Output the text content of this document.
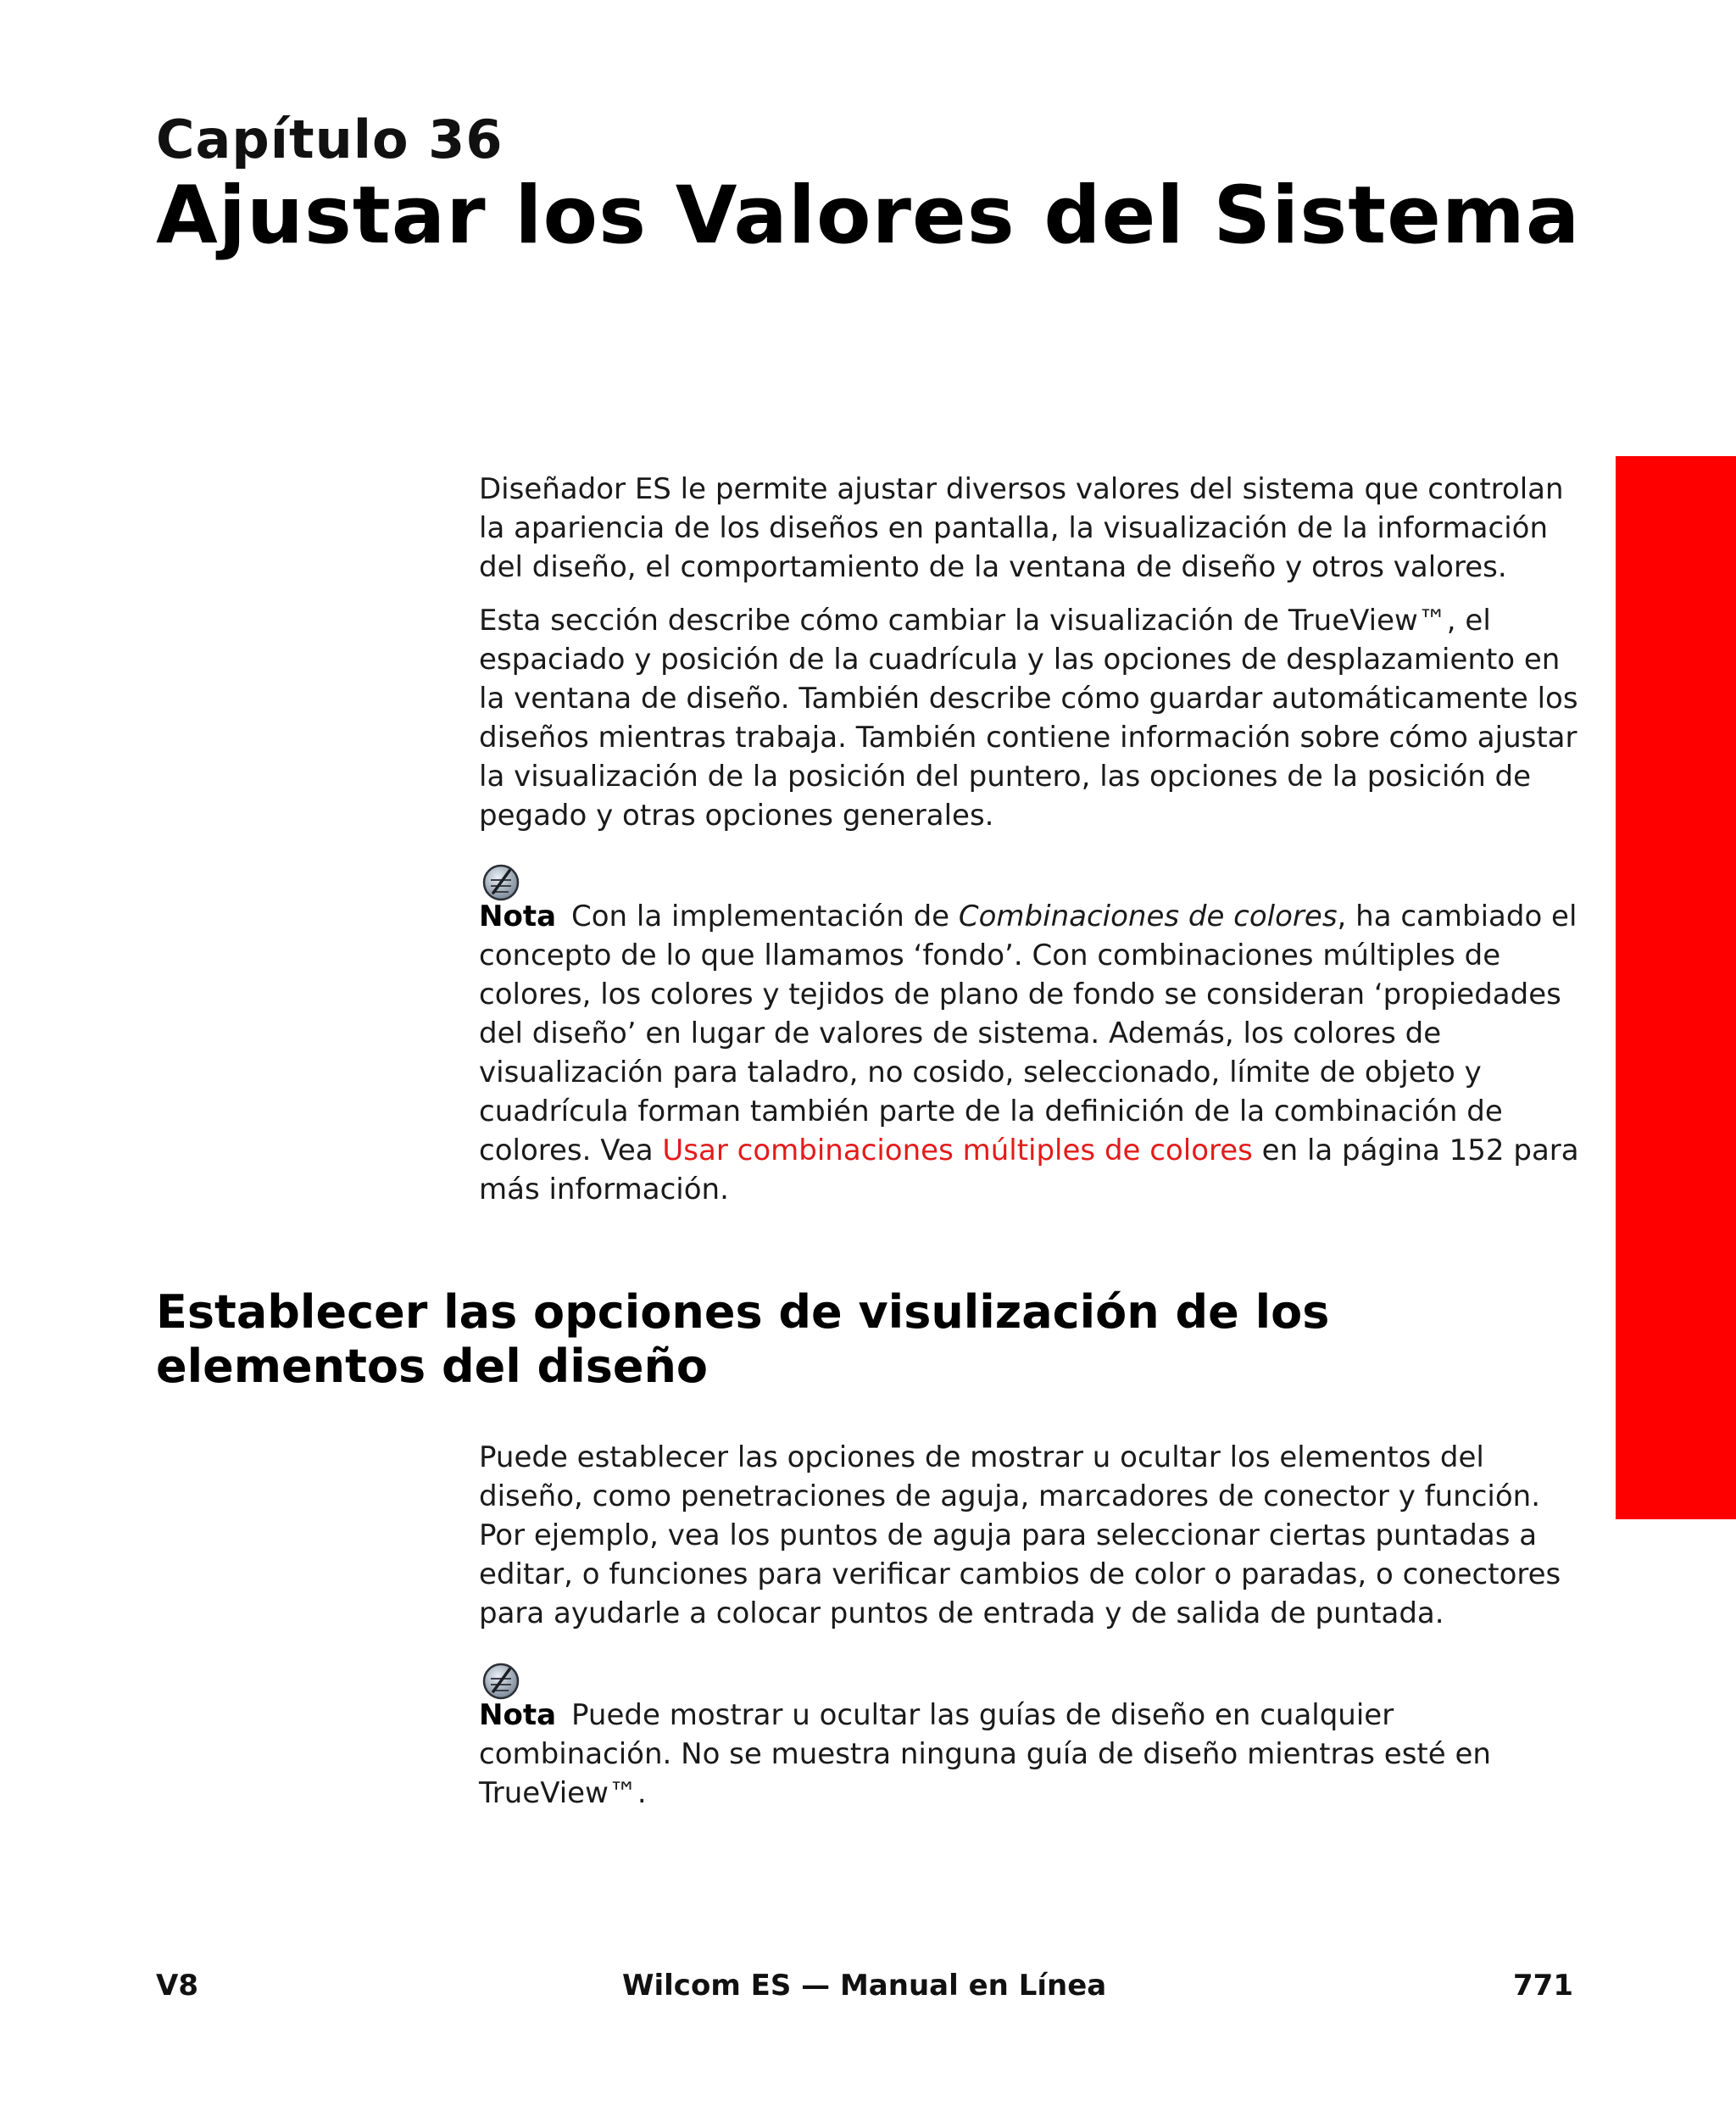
Capítulo 36
Ajustar los Valores del Sistema

Diseñador ES le permite ajustar diversos valores del sistema que controlan la apariencia de los diseños en pantalla, la visualización de la información del diseño, el comportamiento de la ventana de diseño y otros valores.

Esta sección describe cómo cambiar la visualización de TrueView™, el espaciado y posición de la cuadrícula y las opciones de desplazamiento en la ventana de diseño. También describe cómo guardar automáticamente los diseños mientras trabaja. También contiene información sobre cómo ajustar la visualización de la posición del puntero, las opciones de la posición de pegado y otras opciones generales.

Nota Con la implementación de Combinaciones de colores, ha cambiado el concepto de lo que llamamos ‘fondo’. Con combinaciones múltiples de colores, los colores y tejidos de plano de fondo se consideran ‘propiedades del diseño’ en lugar de valores de sistema. Además, los colores de visualización para taladro, no cosido, seleccionado, límite de objeto y cuadrícula forman también parte de la definición de la combinación de colores. Vea Usar combinaciones múltiples de colores en la página 152 para más información.

Establecer las opciones de visulización de los elementos del diseño

Puede establecer las opciones de mostrar u ocultar los elementos del diseño, como penetraciones de aguja, marcadores de conector y función. Por ejemplo, vea los puntos de aguja para seleccionar ciertas puntadas a editar, o funciones para verificar cambios de color o paradas, o conectores para ayudarle a colocar puntos de entrada y de salida de puntada.

Nota Puede mostrar u ocultar las guías de diseño en cualquier combinación. No se muestra ninguna guía de diseño mientras esté en TrueView™.

V8	Wilcom ES — Manual en Línea	771
